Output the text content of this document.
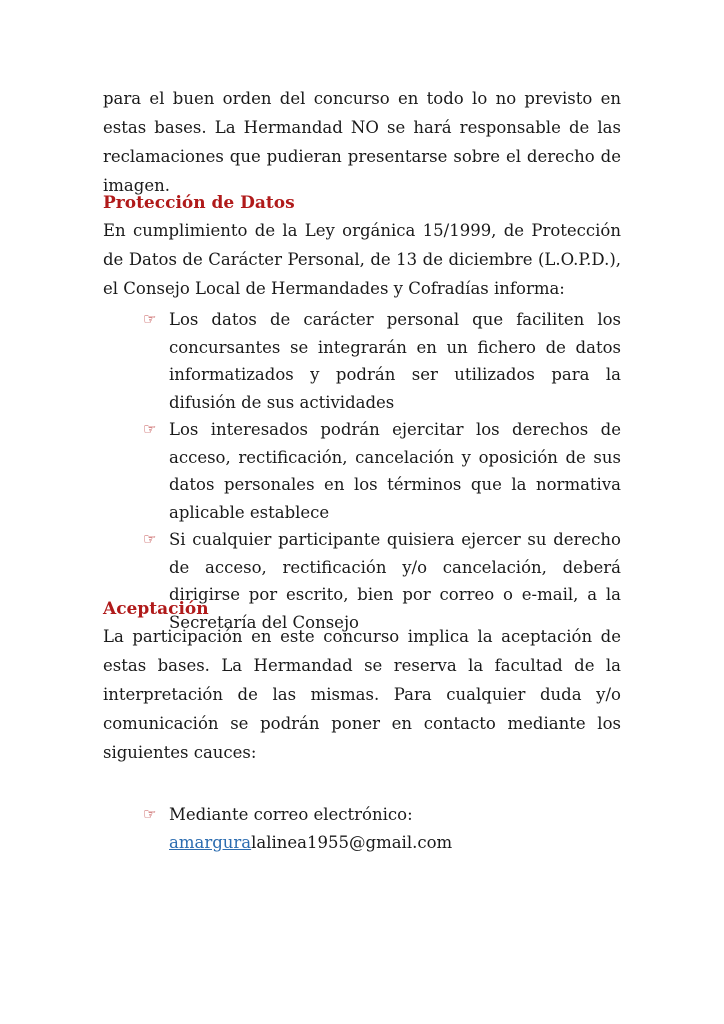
para el buen orden del concurso en todo lo no previsto en estas bases. La Hermandad NO se hará responsable de las reclamaciones que pudieran presentarse sobre el derecho de imagen.

Protección de Datos

En cumplimiento de la Ley orgánica 15/1999, de Protección de Datos de Carácter Personal, de 13 de diciembre (L.O.P.D.), el Consejo Local de Hermandades y Cofradías informa:

☞ Los datos de carácter personal que faciliten los concursantes se integrarán en un fichero de datos informatizados y podrán ser utilizados para la difusión de sus actividades
☞ Los interesados podrán ejercitar los derechos de acceso, rectificación, cancelación y oposición de sus datos personales en los términos que la normativa aplicable establece
☞ Si cualquier participante quisiera ejercer su derecho de acceso, rectificación y/o cancelación, deberá dirigirse por escrito, bien por correo o e-mail, a la Secretaría del Consejo
Aceptación

La participación en este concurso implica la aceptación de estas bases. La Hermandad se reserva la facultad de la interpretación de las mismas. Para cualquier duda y/o comunicación se podrán poner en contacto mediante los siguientes cauces:

☞ Mediante correo electrónico:
amarguralalinea1955@gmail.com
